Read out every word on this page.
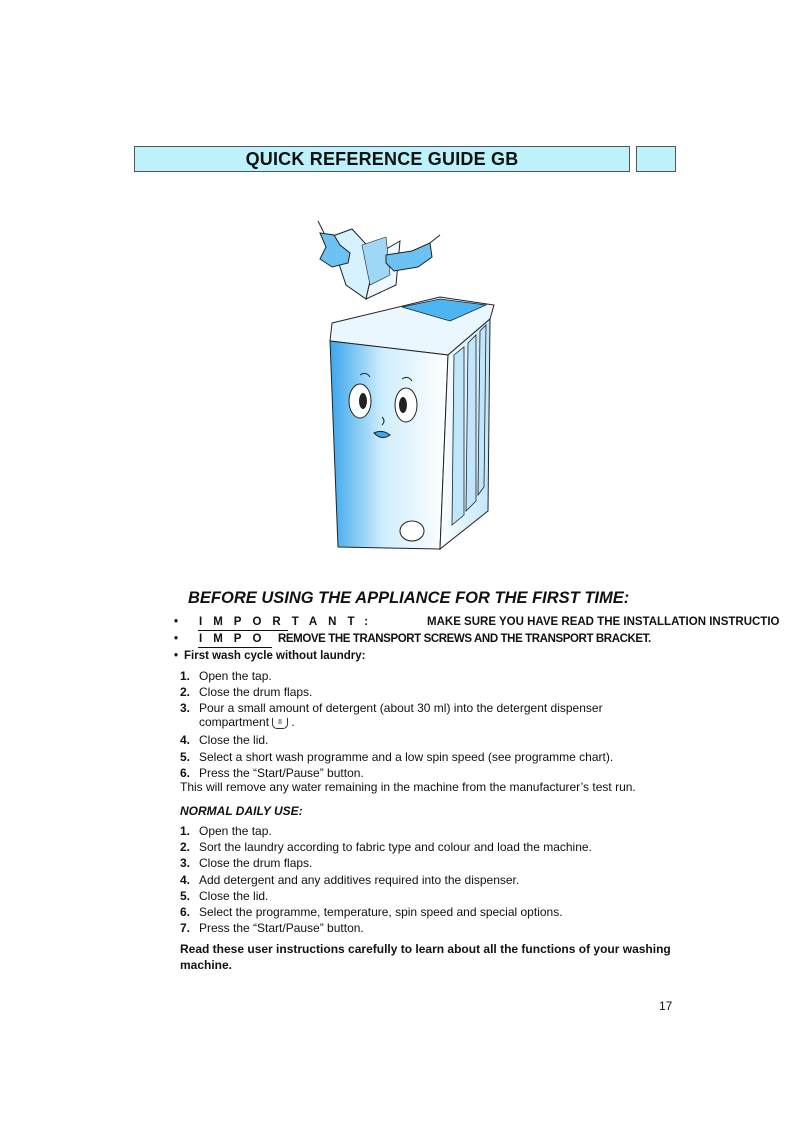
QUICK REFERENCE GUIDE GB
BEFORE USING THE APPLIANCE FOR THE FIRST TIME:
• IMPORTANT:	MAKE SURE YOU HAVE READ THE INSTALLATION INSTRUCTIO
• IMPO REMOVE THE TRANSPORT SCREWS AND THE TRANSPORT BRACKET.
• First wash cycle without laundry:
1. Open the tap.
2. Close the drum flaps.
3. Pour a small amount of detergent (about 30 ml) into the detergent dispenser
compartment II .
4. Close the lid.
5. Select a short wash programme and a low spin speed (see programme chart).
6. Press the “Start/Pause” button.
This will remove any water remaining in the machine from the manufacturer’s test run.
NORMAL DAILY USE:
1. Open the tap.
2. Sort the laundry according to fabric type and colour and load the machine.
3. Close the drum flaps.
4. Add detergent and any additives required into the dispenser.
5. Close the lid.
6. Select the programme, temperature, spin speed and special options.
7. Press the “Start/Pause” button.
Read these user instructions carefully to learn about all the functions of your washing machine.
17
